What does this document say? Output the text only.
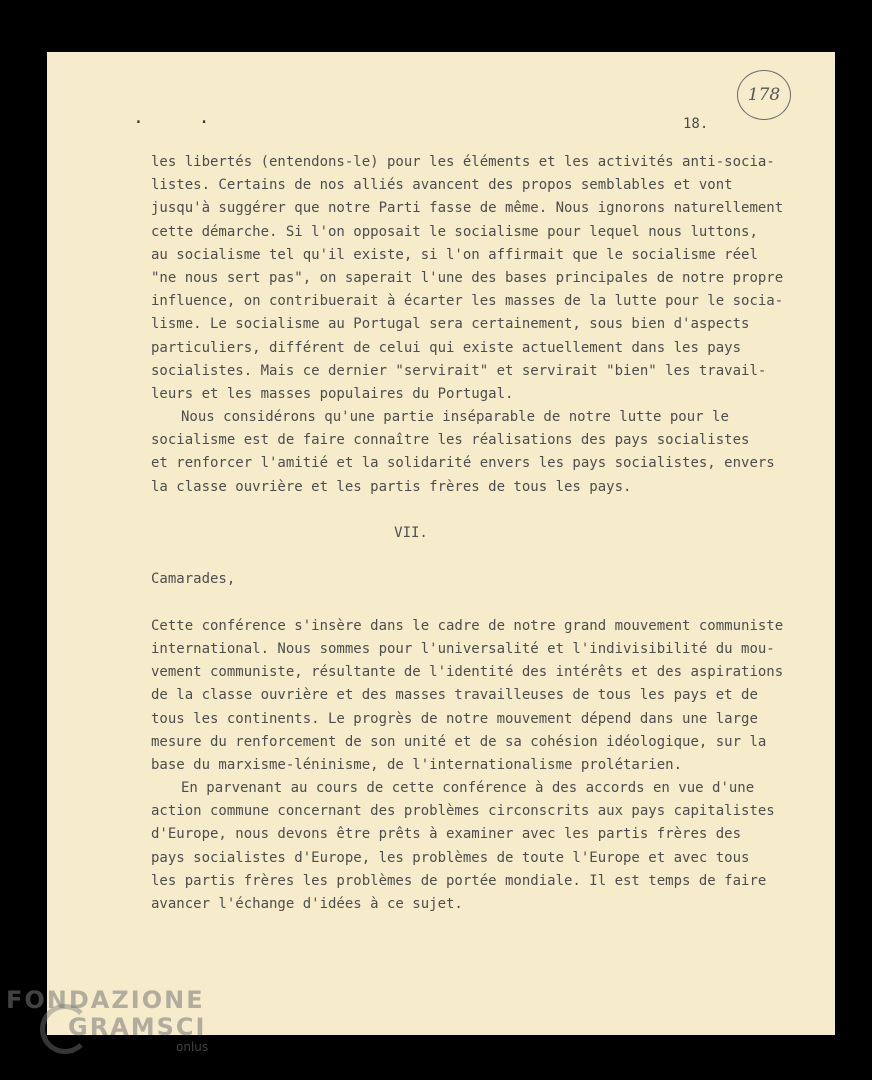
· ·
178
18.
les libertés (entendons-le) pour les éléments et les activités anti-socia-
listes. Certains de nos alliés avancent des propos semblables et vont
jusqu'à suggérer que notre Parti fasse de même. Nous ignorons naturellement
cette démarche. Si l'on opposait le socialisme pour lequel nous luttons,
au socialisme tel qu'il existe, si l'on affirmait que le socialisme réel
"ne nous sert pas", on saperait l'une des bases principales de notre propre
influence, on contribuerait à écarter les masses de la lutte pour le socia-
lisme. Le socialisme au Portugal sera certainement, sous bien d'aspects
particuliers, différent de celui qui existe actuellement dans les pays
socialistes. Mais ce dernier "servirait" et servirait "bien" les travail-
leurs et les masses populaires du Portugal.
Nous considérons qu'une partie inséparable de notre lutte pour le
socialisme est de faire connaître les réalisations des pays socialistes
et renforcer l'amitié et la solidarité envers les pays socialistes, envers
la classe ouvrière et les partis frères de tous les pays.
VII.
Camarades,
Cette conférence s'insère dans le cadre de notre grand mouvement communiste
international. Nous sommes pour l'universalité et l'indivisibilité du mou-
vement communiste, résultante de l'identité des intérêts et des aspirations
de la classe ouvrière et des masses travailleuses de tous les pays et de
tous les continents. Le progrès de notre mouvement dépend dans une large
mesure du renforcement de son unité et de sa cohésion idéologique, sur la
base du marxisme-léninisme, de l'internationalisme prolétarien.
En parvenant au cours de cette conférence à des accords en vue d'une
action commune concernant des problèmes circonscrits aux pays capitalistes
d'Europe, nous devons être prêts à examiner avec les partis frères des
pays socialistes d'Europe, les problèmes de toute l'Europe et avec tous
les partis frères les problèmes de portée mondiale. Il est temps de faire
avancer l'échange d'idées à ce sujet.
FONDAZIONE
GRAMSCI
onlus
